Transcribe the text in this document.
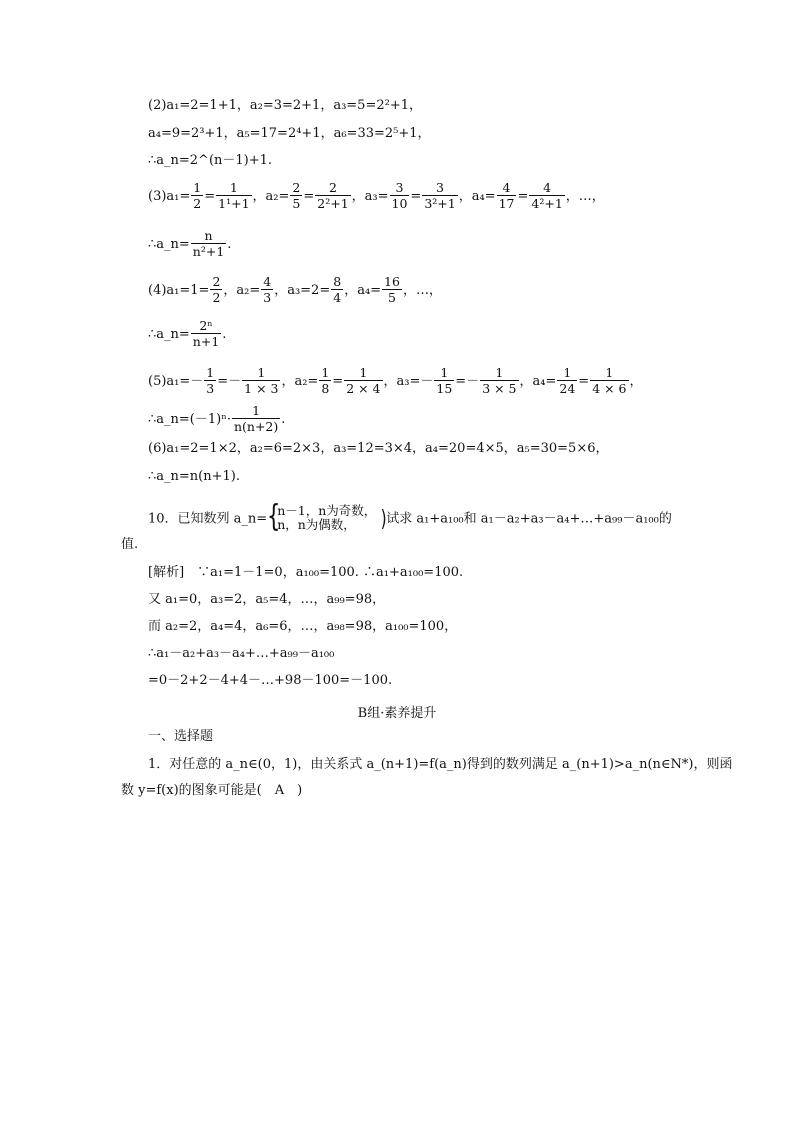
(2)a₁=2=1+1，a₂=3=2+1，a₃=5=2²+1，
a₄=9=2³+1，a₅=17=2⁴+1，a₆=33=2⁵+1，
∴a_n=2^(n－1)+1.
$(3)a_1= \frac{1}{2} = \frac{1}{\text{1¹+1}}$ ，$a_2= \frac{2}{5} = \frac{2}{\text{2²+1}}$ ，$a_3= \frac{3}{10} = \frac{3}{\text{3²+1}}$ ，$a_4= \frac{4}{17} = \frac{4}{\text{4²+1}}$ ，…，
∴a_n= $\frac{n}{\text{n²+1}}$ .
$(4)a_1=1= \frac{2}{2}$ ，$a_2= \frac{4}{3}$ ，$a_3=2= \frac{8}{4}$ ，$a_4= \frac{16}{5}$ ，…，
∴a_n= $\frac{\text{2ⁿ}}{n+1}$ .
$(5)a_1=- \frac{1}{3} =- \frac{1}{1 \times 3}$ ，$a_2= \frac{1}{8} = \frac{1}{2 \times 4}$ ，$a_3=- \frac{1}{15} =- \frac{1}{3 \times 5}$ ，$a_4= \frac{1}{24} = \frac{1}{4 \times 6}$ ，
∴a_n=(－1)ⁿ· $\frac{1}{n(n+2)}$ .
(6)a₁=2=1×2，a₂=6=2×3，a₃=12=3×4，a₄=20=4×5，a₅=30=5×6，
∴a_n=n(n+1).
10．已知数列 a_n= {
n－1，n为奇数，
n，n为偶数，	) 试求 a₁+a₁₀₀和 a₁－a₂+a₃－a₄+…+a₉₉－a₁₀₀的
值.
[解析]　∵a₁=1－1=0，a₁₀₀=100. ∴a₁+a₁₀₀=100.
又 a₁=0，a₃=2，a₅=4，…，a₉₉=98，
而 a₂=2，a₄=4，a₆=6，…，a₉₈=98，a₁₀₀=100，
∴a₁－a₂+a₃－a₄+…+a₉₉－a₁₀₀
=0－2+2－4+4－…+98－100=－100.
B组·素养提升
一、选择题
1．对任意的 a_n∈(0，1)，由关系式 a_(n+1)=f(a_n)得到的数列满足 a_(n+1)>a_n(n∈N*)，则函
数 y=f(x)的图象可能是(　A　)
